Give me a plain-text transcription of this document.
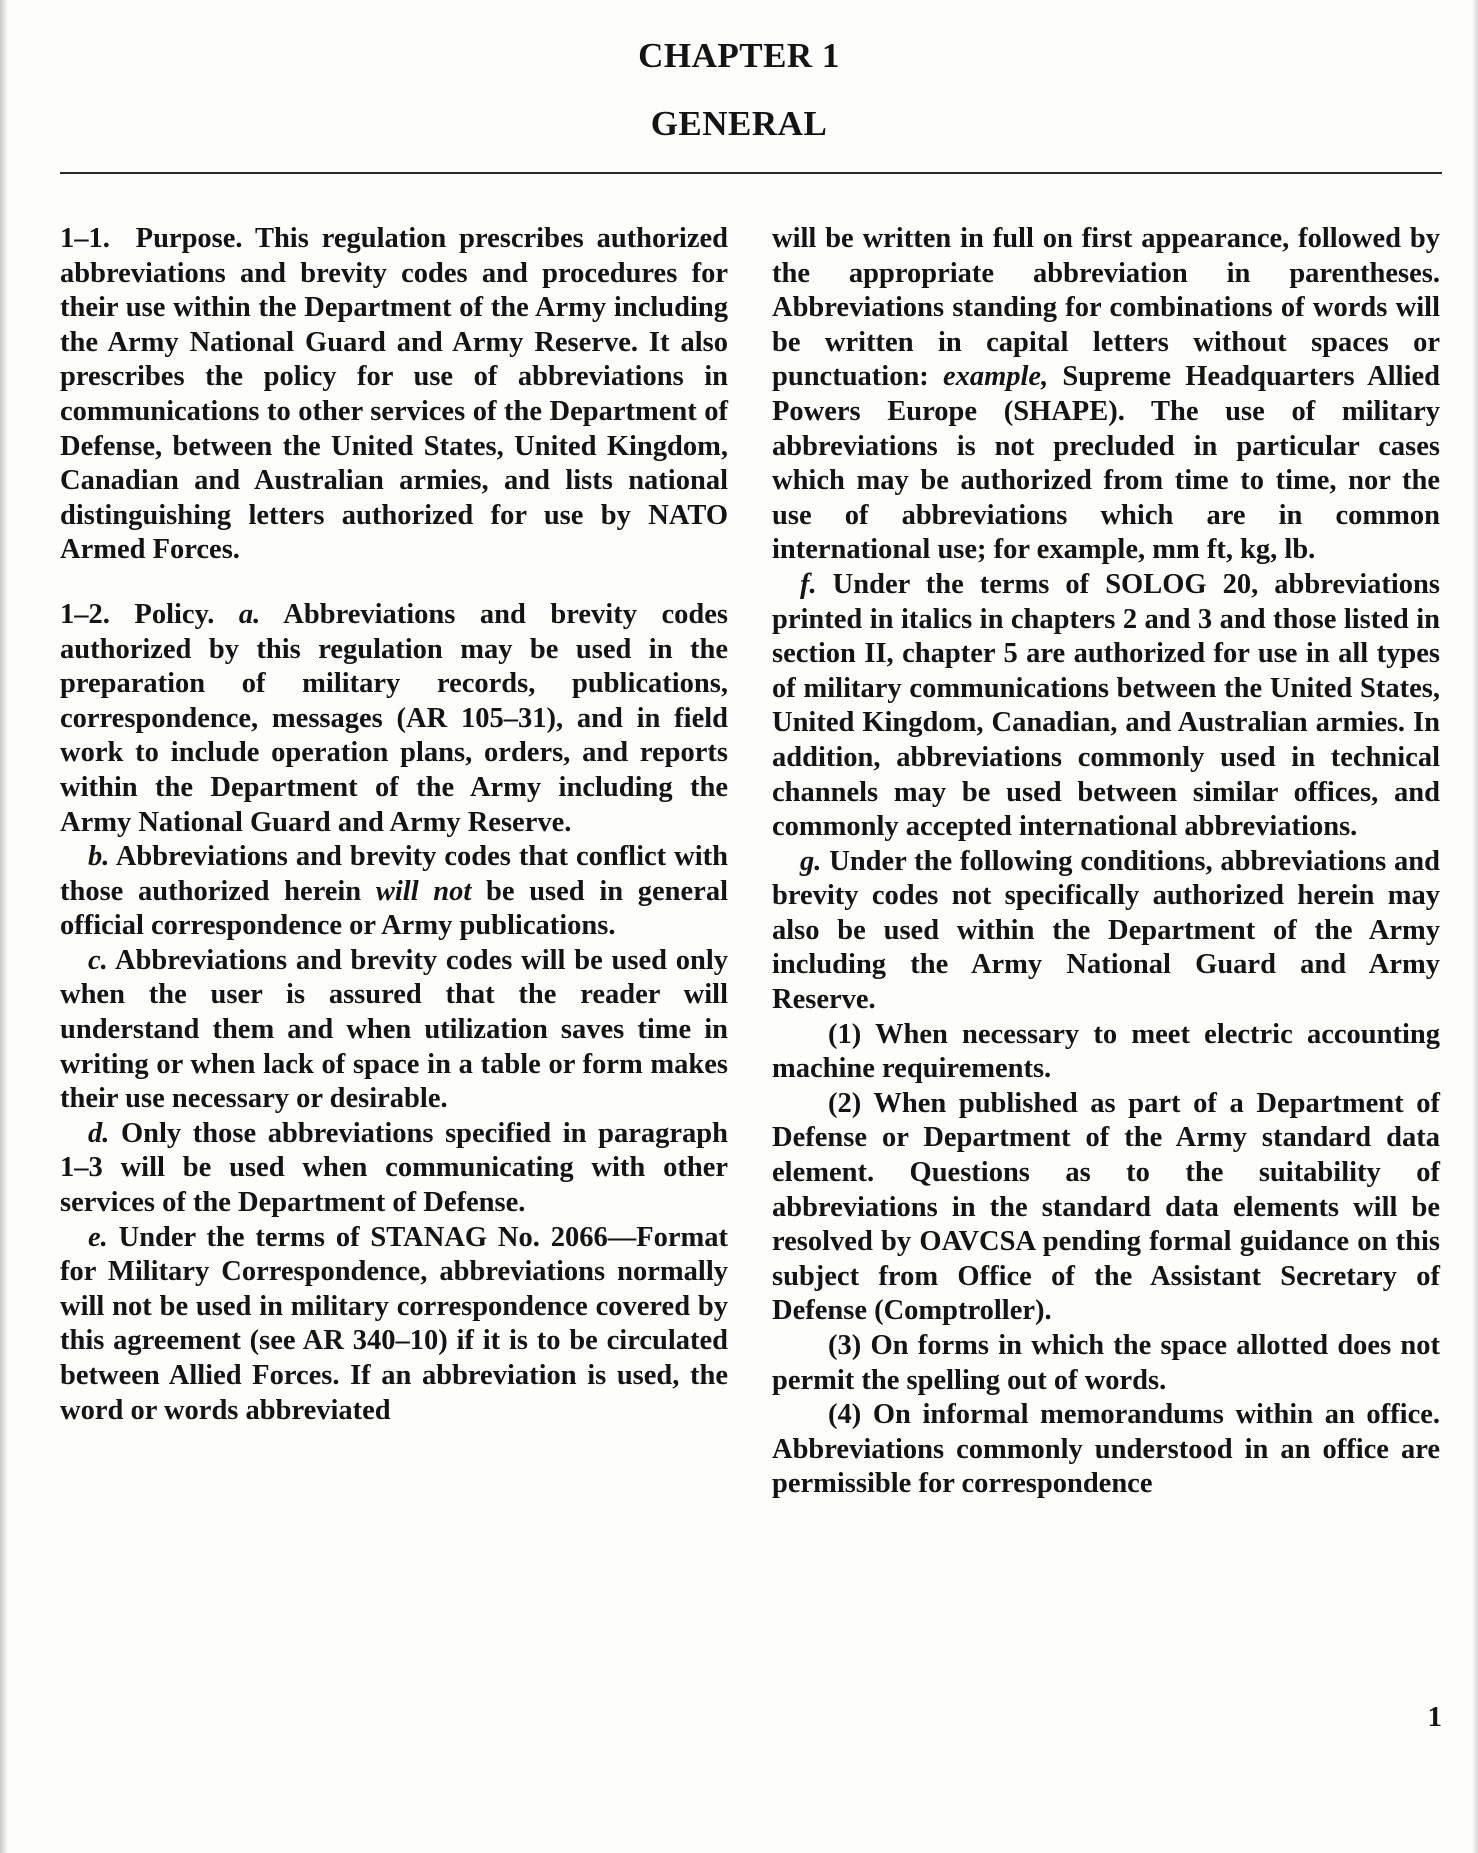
CHAPTER 1
GENERAL

1–1. Purpose. This regulation prescribes authorized abbreviations and brevity codes and procedures for their use within the Department of the Army including the Army National Guard and Army Reserve. It also prescribes the policy for use of abbreviations in communications to other services of the Department of Defense, between the United States, United Kingdom, Canadian and Australian armies, and lists national distinguishing letters authorized for use by NATO Armed Forces.

1–2. Policy. a. Abbreviations and brevity codes authorized by this regulation may be used in the preparation of military records, publications, correspondence, messages (AR 105–31), and in field work to include operation plans, orders, and reports within the Department of the Army including the Army National Guard and Army Reserve.

b. Abbreviations and brevity codes that conflict with those authorized herein will not be used in general official correspondence or Army publications.

c. Abbreviations and brevity codes will be used only when the user is assured that the reader will understand them and when utilization saves time in writing or when lack of space in a table or form makes their use necessary or desirable.

d. Only those abbreviations specified in paragraph 1–3 will be used when communicating with other services of the Department of Defense.

e. Under the terms of STANAG No. 2066—Format for Military Correspondence, abbreviations normally will not be used in military correspondence covered by this agreement (see AR 340–10) if it is to be circulated between Allied Forces. If an abbreviation is used, the word or words abbreviated

will be written in full on first appearance, followed by the appropriate abbreviation in parentheses. Abbreviations standing for combinations of words will be written in capital letters without spaces or punctuation: example, Supreme Headquarters Allied Powers Europe (SHAPE). The use of military abbreviations is not precluded in particular cases which may be authorized from time to time, nor the use of abbreviations which are in common international use; for example, mm ft, kg, lb.

f. Under the terms of SOLOG 20, abbreviations printed in italics in chapters 2 and 3 and those listed in section II, chapter 5 are authorized for use in all types of military communications between the United States, United Kingdom, Canadian, and Australian armies. In addition, abbreviations commonly used in technical channels may be used between similar offices, and commonly accepted international abbreviations.

g. Under the following conditions, abbreviations and brevity codes not specifically authorized herein may also be used within the Department of the Army including the Army National Guard and Army Reserve.

(1) When necessary to meet electric accounting machine requirements.

(2) When published as part of a Department of Defense or Department of the Army standard data element. Questions as to the suitability of abbreviations in the standard data elements will be resolved by OAVCSA pending formal guidance on this subject from Office of the Assistant Secretary of Defense (Comptroller).

(3) On forms in which the space allotted does not permit the spelling out of words.

(4) On informal memorandums within an office. Abbreviations commonly understood in an office are permissible for correspondence

1
